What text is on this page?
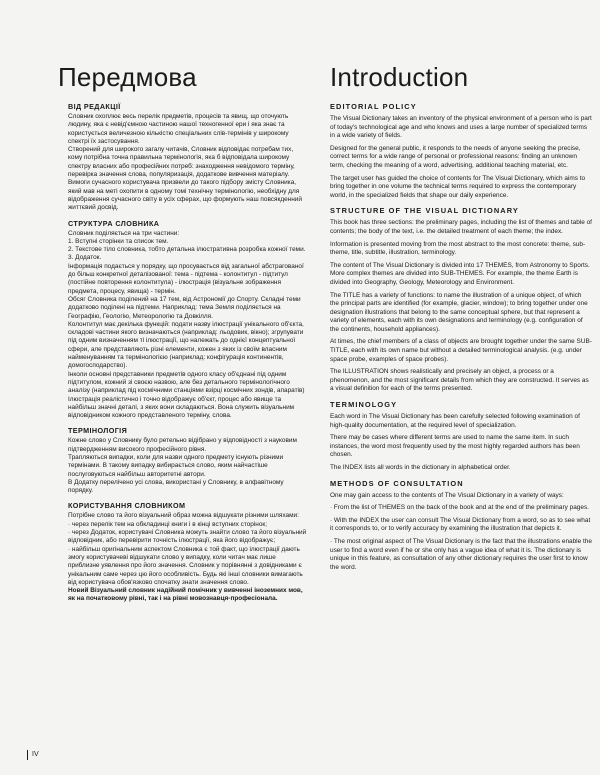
Передмова
ВІД РЕДАКЦІЇ

Словник охоплює весь перелік предметів, процесів та явищ, що оточують людину, яка є невід'ємною частиною нашої техногенної ери і яка знає та користується величезною кількістю спеціальних слів-термінів у широкому спектрі їх застосування.

Створений для широкого загалу читачів, Словник відповідає потребам тих, кому потрібна точна правильна термінологія, яка б відповідала широкому спектру власних або професійних потреб: знаходження невідомого терміну, перевірка значення слова, популяризація, додаткове вивчення матеріалу.

Вимоги сучасного користувача призвели до такого підбору змісту Словника, який мав на меті охопити в одному томі технічну термінологію, необхідну для відображення сучасного світу в усіх сферах, що формують наш повсякденний життєвий досвід.

СТРУКТУРА СЛОВНИКА

Словник поділяється на три частини:

1. Вступні сторінки та список тем.

2. Текстове тіло словника, тобто детальна ілюстративна розробка кожної теми.

3. Додаток.

Інформація подається у порядку, що просувається від загальної абстрагованої до більш конкретної деталізованої: тема - підтема - колонтитул - підтитул (постійне повторення колонтитула) - ілюстрація (візуальне зображення предмета, процесу, явища) - термін.

Обсяг Словника поділений на 17 тем, від Астрономії до Спорту. Складні теми додатково поділені на підтеми. Наприклад: тема Земля поділяється на Географію, Геологію, Метеорологію та Довкілля.

Колонтитул має декілька функцій: подати назву ілюстрації унікального об'єкта, складові частини якого визначаються (наприклад: льодовик, вікно); згрупувати під одним визначенням ті ілюстрації, що належать до однієї концептуальної сфери, але представляють різні елементи, кожен з яких із своїм власним найменуванням та термінологією (наприклад: конфігурація континентів, домогосподарство).

Інколи основні представники предметів одного класу об'єднані під одним підтитулом, кожний зі своєю назвою, але без детального термінологічного аналізу (наприклад під космічними станціями взірці космічних зондів, апаратів)

Ілюстрація реалістично і точно відображує об'єкт, процес або явище та найбільш значні деталі, з яких вони складаються. Вона служить візуальним відповідником кожного представленого терміну, слова.

ТЕРМІНОЛОГІЯ

Кожне слово у Словнику було ретельно відібрано у відповідності з науковим підтвердженням високого професійного рівня.

Трапляються випадки, коли для назви одного предмету існують різними термінами. В такому випадку вибирається слово, яким найчастіше послуговуються найбільш авторитетні автори.

В Додатку перелічено усі слова, використані у Словнику, в алфавітному порядку.

КОРИСТУВАННЯ СЛОВНИКОМ

Потрібне слово та його візуальний образ можна відшукати різними шляхами:

· через перелік тем на обкладинці книги і в кінці вступних сторінок;

· через Додаток, користувачі Словника можуть знайти слово та його візуальний відповідник, або перевірити точність ілюстрації, яка його відображує;

· найбільш оригінальним аспектом Словника є той факт, що ілюстрації дають змогу користувачеві відшукати слово у випадку, коли читач має лише приблизне уявлення про його значення. Словник у порівнянні з довідниками є унікальним саме через цю його особливість. Будь які інші словники вимагають від користувача обов'язково спочатку знати значення слово.

Новий Візуальний словник надійний помічник у вивченні іноземних мов, як на початковому рівні, так і на рівні мовознавця-професіонала.

Introduction
EDITORIAL POLICY

The Visual Dictionary takes an inventory of the physical environment of a person who is part of today's technological age and who knows and uses a large number of specialized terms in a wide variety of fields.

Designed for the general public, it responds to the needs of anyone seeking the precise, correct terms for a wide range of personal or professional reasons: finding an unknown term, checking the meaning of a word, advertising, additional teaching material, etc.

The target user has guided the choice of contents for The Visual Dictionary, which aims to bring together in one volume the technical terms required to express the contemporary world, in the specialized fields that shape our daily experience.

STRUCTURE OF THE VISUAL DICTIONARY

This book has three sections: the preliminary pages, including the list of themes and table of contents; the body of the text, i.e. the detailed treatment of each theme; the index.

Information is presented moving from the most abstract to the most concrete: theme, sub-theme, title, subtitle, illustration, terminology.

The content of The Visual Dictionary is divided into 17 THEMES, from Astronomy to Sports. More complex themes are divided into SUB-THEMES. For example, the theme Earth is divided into Geography, Geology, Meteorology and Environment.

The TITLE has a variety of functions: to name the illustration of a unique object, of which the principal parts are identified (for example, glacier, window); to bring together under one designation illustrations that belong to the same conceptual sphere, but that represent a variety of elements, each with its own designations and terminology (e.g. configuration of the continents, household appliances).

At times, the chief members of a class of objects are brought together under the same SUB-TITLE, each with its own name but without a detailed terminological analysis. (e.g. under space probe, examples of space probes).

The ILLUSTRATION shows realistically and precisely an object, a process or a phenomenon, and the most significant details from which they are constructed. It serves as a visual definition for each of the terms presented.

TERMINOLOGY

Each word in The Visual Dictionary has been carefully selected following examination of high-quality documentation, at the required level of specialization.

There may be cases where different terms are used to name the same item. In such instances, the word most frequently used by the most highly regarded authors has been chosen.

The INDEX lists all words in the dictionary in alphabetical order.

METHODS OF CONSULTATION

One may gain access to the contents of The Visual Dictionary in a variety of ways:

· From the list of THEMES on the back of the book and at the end of the preliminary pages.

· With the INDEX the user can consult The Visual Dictionary from a word, so as to see what it corresponds to, or to verify accuracy by examining the illustration that depicts it.

· The most original aspect of The Visual Dictionary is the fact that the illustrations enable the user to find a word even if he or she only has a vague idea of what it is. The dictionary is unique in this feature, as consultation of any other dictionary requires the user first to know the word.

IV
